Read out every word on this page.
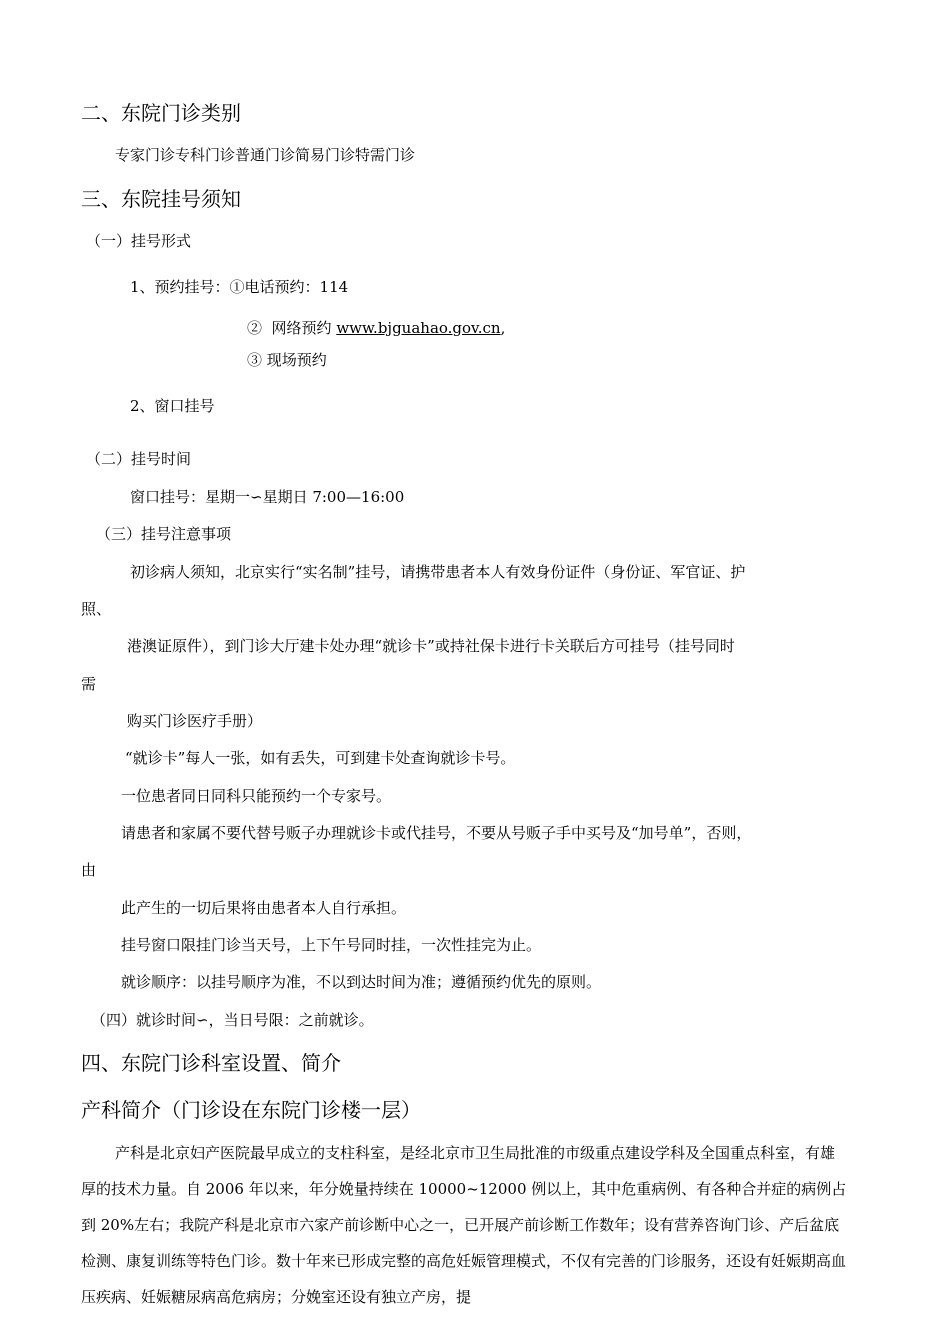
二、东院门诊类别
专家门诊专科门诊普通门诊简易门诊特需门诊
三、东院挂号须知
（一）挂号形式
1、预约挂号：①电话预约：114
②  网络预约 www.bjguahao.gov.cn,
③ 现场预约
2、窗口挂号
（二）挂号时间
窗口挂号：星期一∽星期日 7:00—16:00
（三）挂号注意事项
初诊病人须知，北京实行“实名制”挂号，请携带患者本人有效身份证件（身份证、军官证、护
照、
港澳证原件），到门诊大厅建卡处办理“就诊卡”或持社保卡进行卡关联后方可挂号（挂号同时
需
购买门诊医疗手册）
“就诊卡”每人一张，如有丢失，可到建卡处查询就诊卡号。
一位患者同日同科只能预约一个专家号。
请患者和家属不要代替号贩子办理就诊卡或代挂号，不要从号贩子手中买号及“加号单”，否则，
由
此产生的一切后果将由患者本人自行承担。
挂号窗口限挂门诊当天号，上下午号同时挂，一次性挂完为止。
就诊顺序：以挂号顺序为准，不以到达时间为准；遵循预约优先的原则。
（四）就诊时间∽，当日号限：之前就诊。
四、东院门诊科室设置、简介
产科简介（门诊设在东院门诊楼一层）
产科是北京妇产医院最早成立的支柱科室，是经北京市卫生局批准的市级重点建设学科及全国重点科室，有雄厚的技术力量。自 2006 年以来，年分娩量持续在 10000~12000 例以上，其中危重病例、有各种合并症的病例占到 20%左右；我院产科是北京市六家产前诊断中心之一，已开展产前诊断工作数年；设有营养咨询门诊、产后盆底检测、康复训练等特色门诊。数十年来已形成完整的高危妊娠管理模式，不仅有完善的门诊服务，还设有妊娠期高血压疾病、妊娠糖尿病高危病房；分娩室还设有独立产房，提
